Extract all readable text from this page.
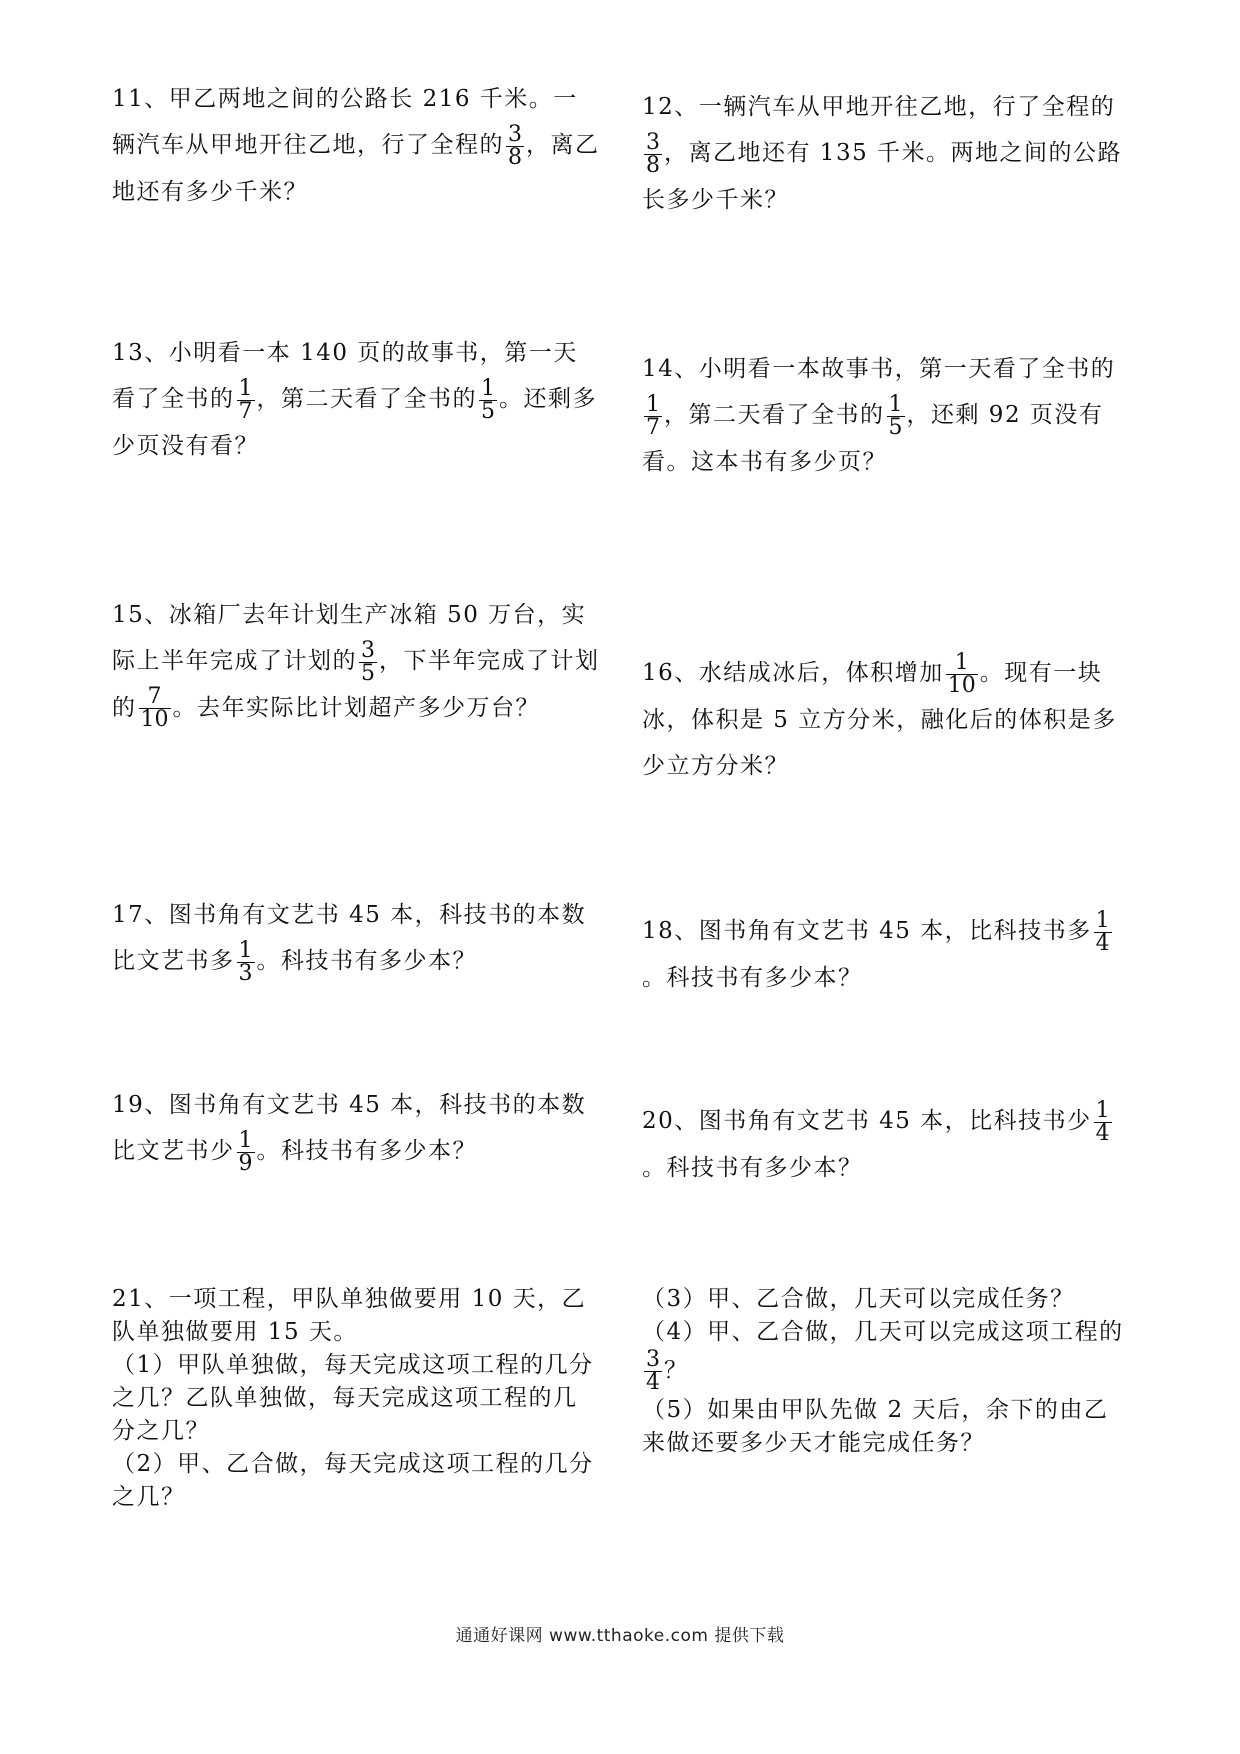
11、甲乙两地之间的公路长 216 千米。一辆汽车从甲地开往乙地，行了全程的 $\frac{3}{8}$ ，离乙地还有多少千米？
12、一辆汽车从甲地开往乙地，行了全程的
$\frac{3}{8}$ ，离乙地还有 135 千米。两地之间的公路长多少千米？
13、小明看一本 140 页的故事书，第一天看了全书的 $\frac{1}{7}$ ，第二天看了全书的 $\frac{1}{5}$ 。还剩多少页没有看？
14、小明看一本故事书，第一天看了全书的
$\frac{1}{7}$ ，第二天看了全书的 $\frac{1}{5}$ ，还剩 92 页没有看。这本书有多少页？
15、冰箱厂去年计划生产冰箱 50 万台，实际上半年完成了计划的 $\frac{3}{5}$ ，下半年完成了计划的 $\frac{7}{10}$ 。去年实际比计划超产多少万台？
16、水结成冰后，体积增加 $\frac{1}{10}$ 。现有一块冰，体积是 5 立方分米，融化后的体积是多少立方分米？
17、图书角有文艺书 45 本，科技书的本数比文艺书多 $\frac{1}{3}$ 。科技书有多少本？
18、图书角有文艺书 45 本，比科技书多 $\frac{1}{4}$
。科技书有多少本？
19、图书角有文艺书 45 本，科技书的本数比文艺书少 $\frac{1}{9}$ 。科技书有多少本？
20、图书角有文艺书 45 本，比科技书少 $\frac{1}{4}$
。科技书有多少本？
21、一项工程，甲队单独做要用 10 天，乙队单独做要用 15 天。
（1）甲队单独做，每天完成这项工程的几分之几？乙队单独做，每天完成这项工程的几分之几？
（2）甲、乙合做，每天完成这项工程的几分之几？
（3）甲、乙合做，几天可以完成任务？
（4）甲、乙合做，几天可以完成这项工程的

$\frac{3}{4}$ ？
（5）如果由甲队先做 2 天后，余下的由乙来做还要多少天才能完成任务？
通通好课网 www.tthaoke.com 提供下载
